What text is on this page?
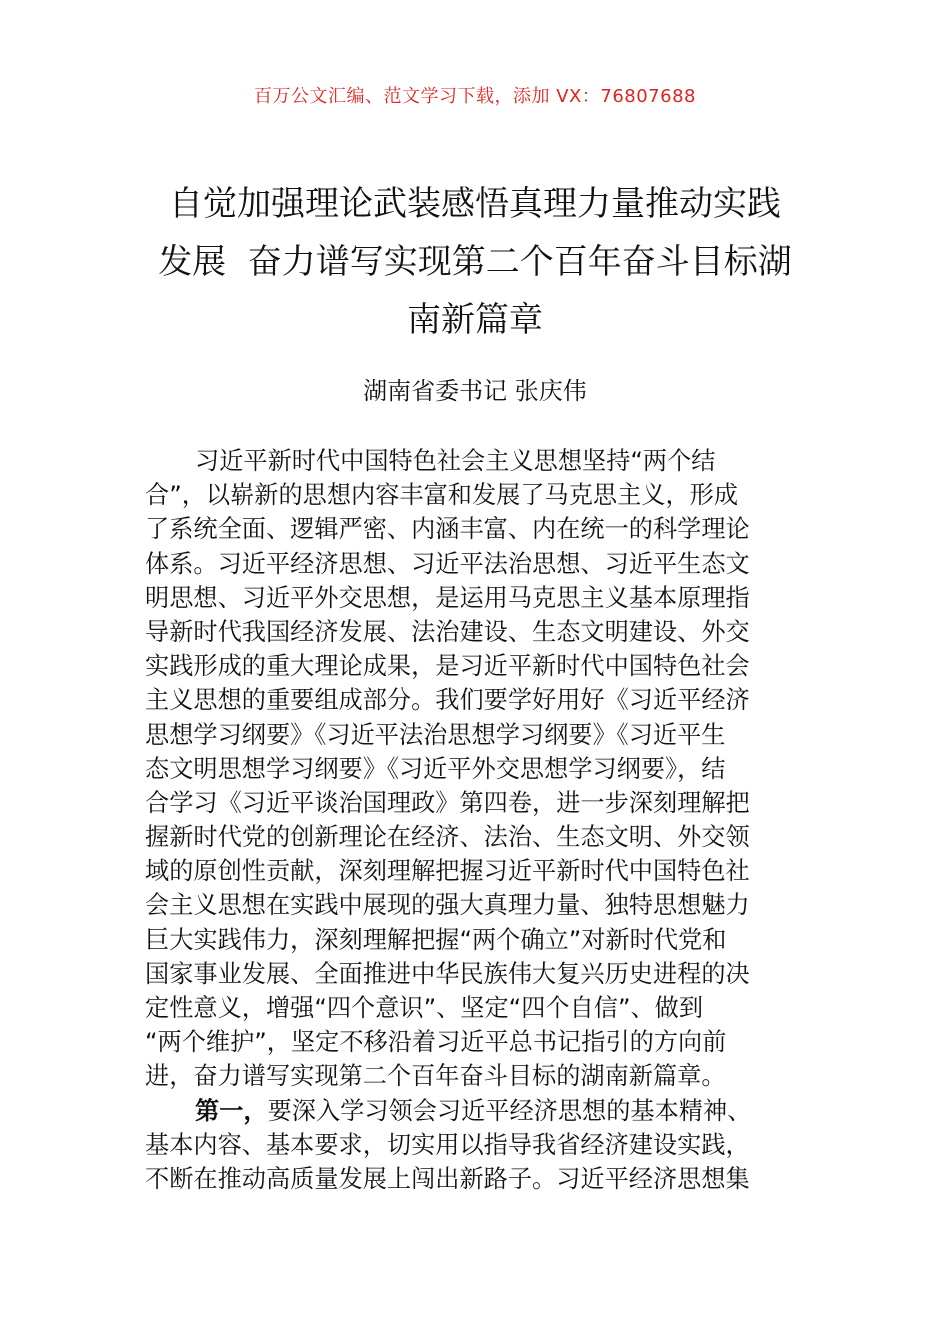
百万公文汇编、范文学习下载，添加 VX：76807688
自觉加强理论武装感悟真理力量推动实践
发展  奋力谱写实现第二个百年奋斗目标湖
南新篇章
湖南省委书记 张庆伟
习近平新时代中国特色社会主义思想坚持“两个结
合”，以崭新的思想内容丰富和发展了马克思主义，形成
了系统全面、逻辑严密、内涵丰富、内在统一的科学理论
体系。习近平经济思想、习近平法治思想、习近平生态文
明思想、习近平外交思想，是运用马克思主义基本原理指
导新时代我国经济发展、法治建设、生态文明建设、外交
实践形成的重大理论成果，是习近平新时代中国特色社会
主义思想的重要组成部分。我们要学好用好《习近平经济
思想学习纲要》《习近平法治思想学习纲要》《习近平生
态文明思想学习纲要》《习近平外交思想学习纲要》，结
合学习《习近平谈治国理政》第四卷，进一步深刻理解把
握新时代党的创新理论在经济、法治、生态文明、外交领
域的原创性贡献，深刻理解把握习近平新时代中国特色社
会主义思想在实践中展现的强大真理力量、独特思想魅力
巨大实践伟力，深刻理解把握“两个确立”对新时代党和
国家事业发展、全面推进中华民族伟大复兴历史进程的决
定性意义，增强“四个意识”、坚定“四个自信”、做到
“两个维护”，坚定不移沿着习近平总书记指引的方向前
进，奋力谱写实现第二个百年奋斗目标的湖南新篇章。
第一，要深入学习领会习近平经济思想的基本精神、
基本内容、基本要求，切实用以指导我省经济建设实践，
不断在推动高质量发展上闯出新路子。习近平经济思想集
